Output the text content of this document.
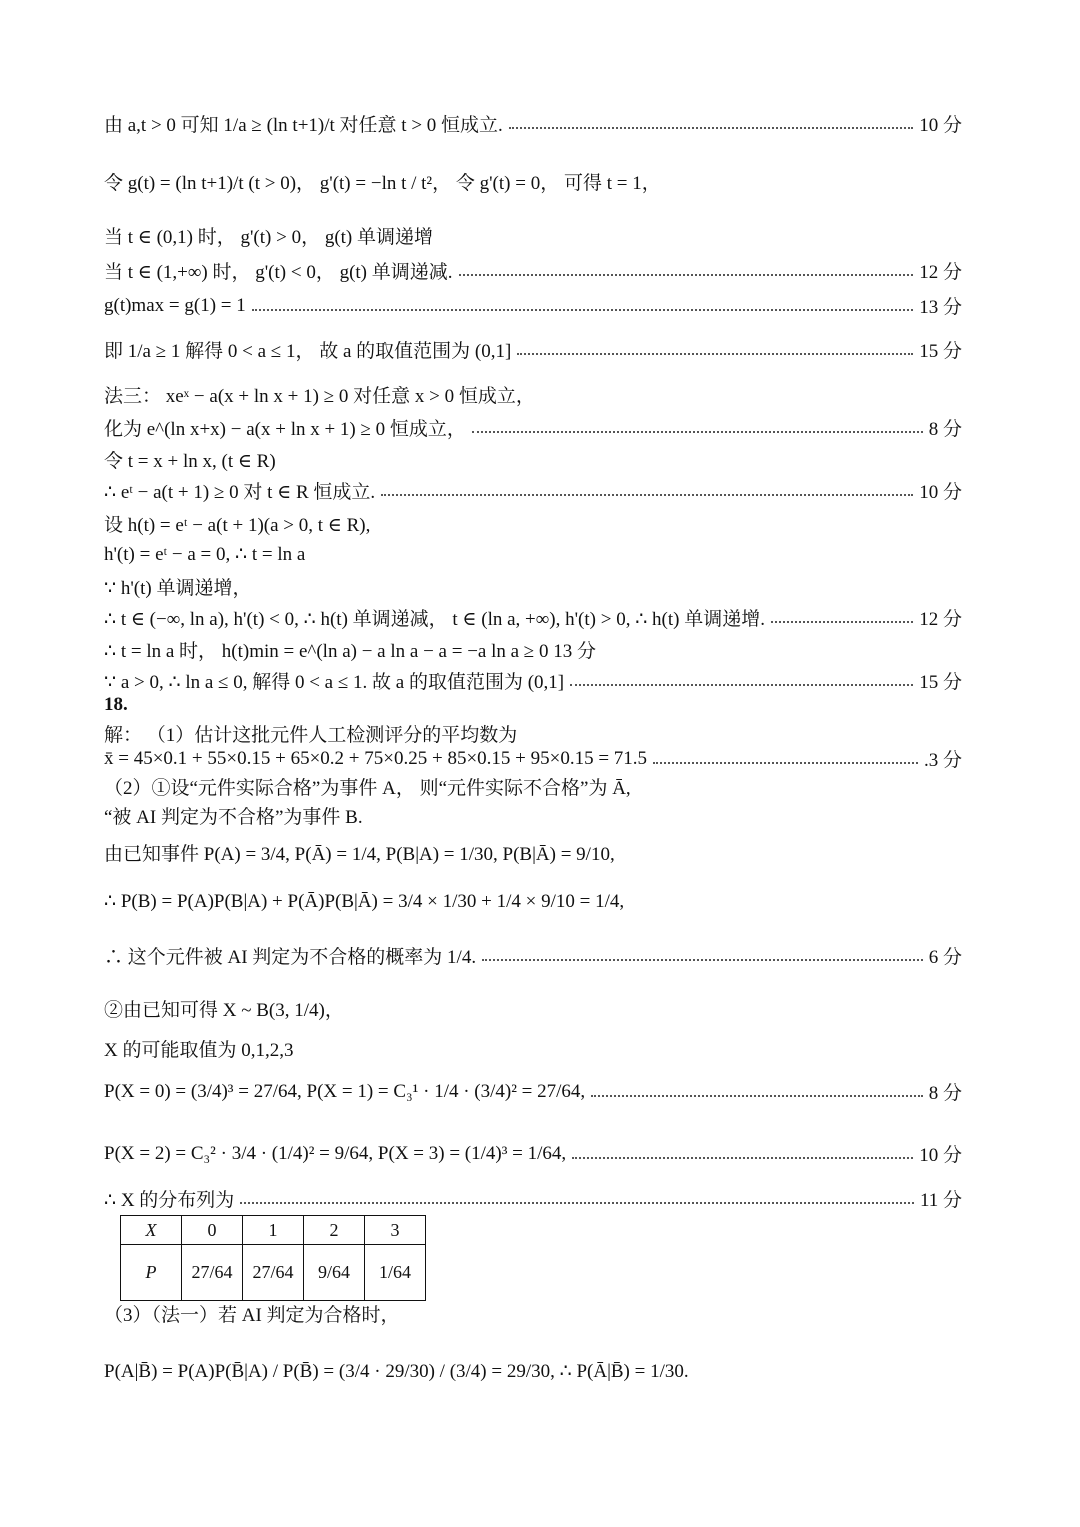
由 a,t > 0 可知 1/a ≥ (ln t+1)/t 对任意 t > 0 恒成立.	10 分
令 g(t) = (ln t+1)/t (t > 0)， g'(t) = −ln t / t²， 令 g'(t) = 0， 可得 t = 1，
当 t ∈ (0,1) 时， g'(t) > 0， g(t) 单调递增
当 t ∈ (1,+∞) 时， g'(t) < 0， g(t) 单调递减.	12 分
g(t)max = g(1) = 1	13 分
即 1/a ≥ 1 解得 0 < a ≤ 1， 故 a 的取值范围为 (0,1]	15 分
法三： xeˣ − a(x + ln x + 1) ≥ 0 对任意 x > 0 恒成立，
化为 e^(ln x+x) − a(x + ln x + 1) ≥ 0 恒成立，	8 分
令 t = x + ln x, (t ∈ R)
∴ eᵗ − a(t + 1) ≥ 0 对 t ∈ R 恒成立.	10 分
设 h(t) = eᵗ − a(t + 1)(a > 0, t ∈ R),
h'(t) = eᵗ − a = 0, ∴ t = ln a
∵ h'(t) 单调递增，
∴ t ∈ (−∞, ln a), h'(t) < 0, ∴ h(t) 单调递减， t ∈ (ln a, +∞), h'(t) > 0, ∴ h(t) 单调递增.	12 分
∴ t = ln a 时， h(t)min = e^(ln a) − a ln a − a = −a ln a ≥ 0 13 分
∵ a > 0, ∴ ln a ≤ 0, 解得 0 < a ≤ 1. 故 a 的取值范围为 (0,1]	15 分
18.
解： （1）估计这批元件人工检测评分的平均数为
x̄ = 45×0.1 + 55×0.15 + 65×0.2 + 75×0.25 + 85×0.15 + 95×0.15 = 71.5	.3 分
（2）①设“元件实际合格”为事件 A， 则“元件实际不合格”为 Ā,
“被 AI 判定为不合格”为事件 B.
由已知事件 P(A) = 3/4, P(Ā) = 1/4, P(B|A) = 1/30, P(B|Ā) = 9/10,
∴ P(B) = P(A)P(B|A) + P(Ā)P(B|Ā) = 3/4 × 1/30 + 1/4 × 9/10 = 1/4,
∴ 这个元件被 AI 判定为不合格的概率为 1/4.	6 分
②由已知可得 X ~ B(3, 1/4)，
X 的可能取值为 0,1,2,3
P(X = 0) = (3/4)³ = 27/64, P(X = 1) = C₃¹ · 1/4 · (3/4)² = 27/64,	8 分
P(X = 2) = C₃² · 3/4 · (1/4)² = 9/64, P(X = 3) = (1/4)³ = 1/64,	10 分
∴ X 的分布列为	11 分
（3）（法一）若 AI 判定为合格时，
P(A|B̄) = P(A)P(B̄|A) / P(B̄) = (3/4 · 29/30) / (3/4) = 29/30, ∴ P(Ā|B̄) = 1/30.
X	0	1	2	3
P	27/64	27/64	9/64	1/64
